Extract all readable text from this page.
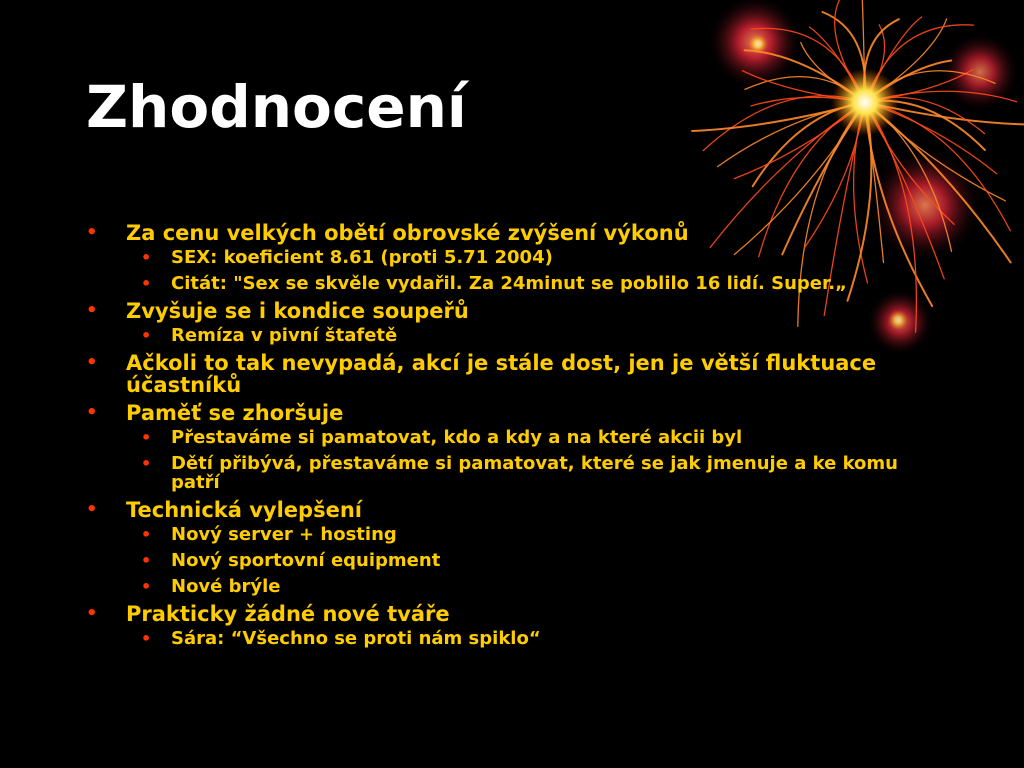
Zhodnocení
• Za cenu velkých obětí obrovské zvýšení výkonů
• SEX: koeficient 8.61 (proti 5.71 2004)
• Citát: "Sex se skvěle vydařil. Za 24minut se poblilo 16 lidí. Super.„
• Zvyšuje se i kondice soupeřů
• Remíza v pivní štafetě
• Ačkoli to tak nevypadá, akcí je stále dost, jen je větší fluktuace účastníků
• Paměť se zhoršuje
• Přestaváme si pamatovat, kdo a kdy a na které akcii byl
• Dětí přibývá, přestaváme si pamatovat, které se jak jmenuje a ke komu patří
• Technická vylepšení
• Nový server + hosting
• Nový sportovní equipment
• Nové brýle
• Prakticky žádné nové tváře
• Sára: “Všechno se proti nám spiklo“
